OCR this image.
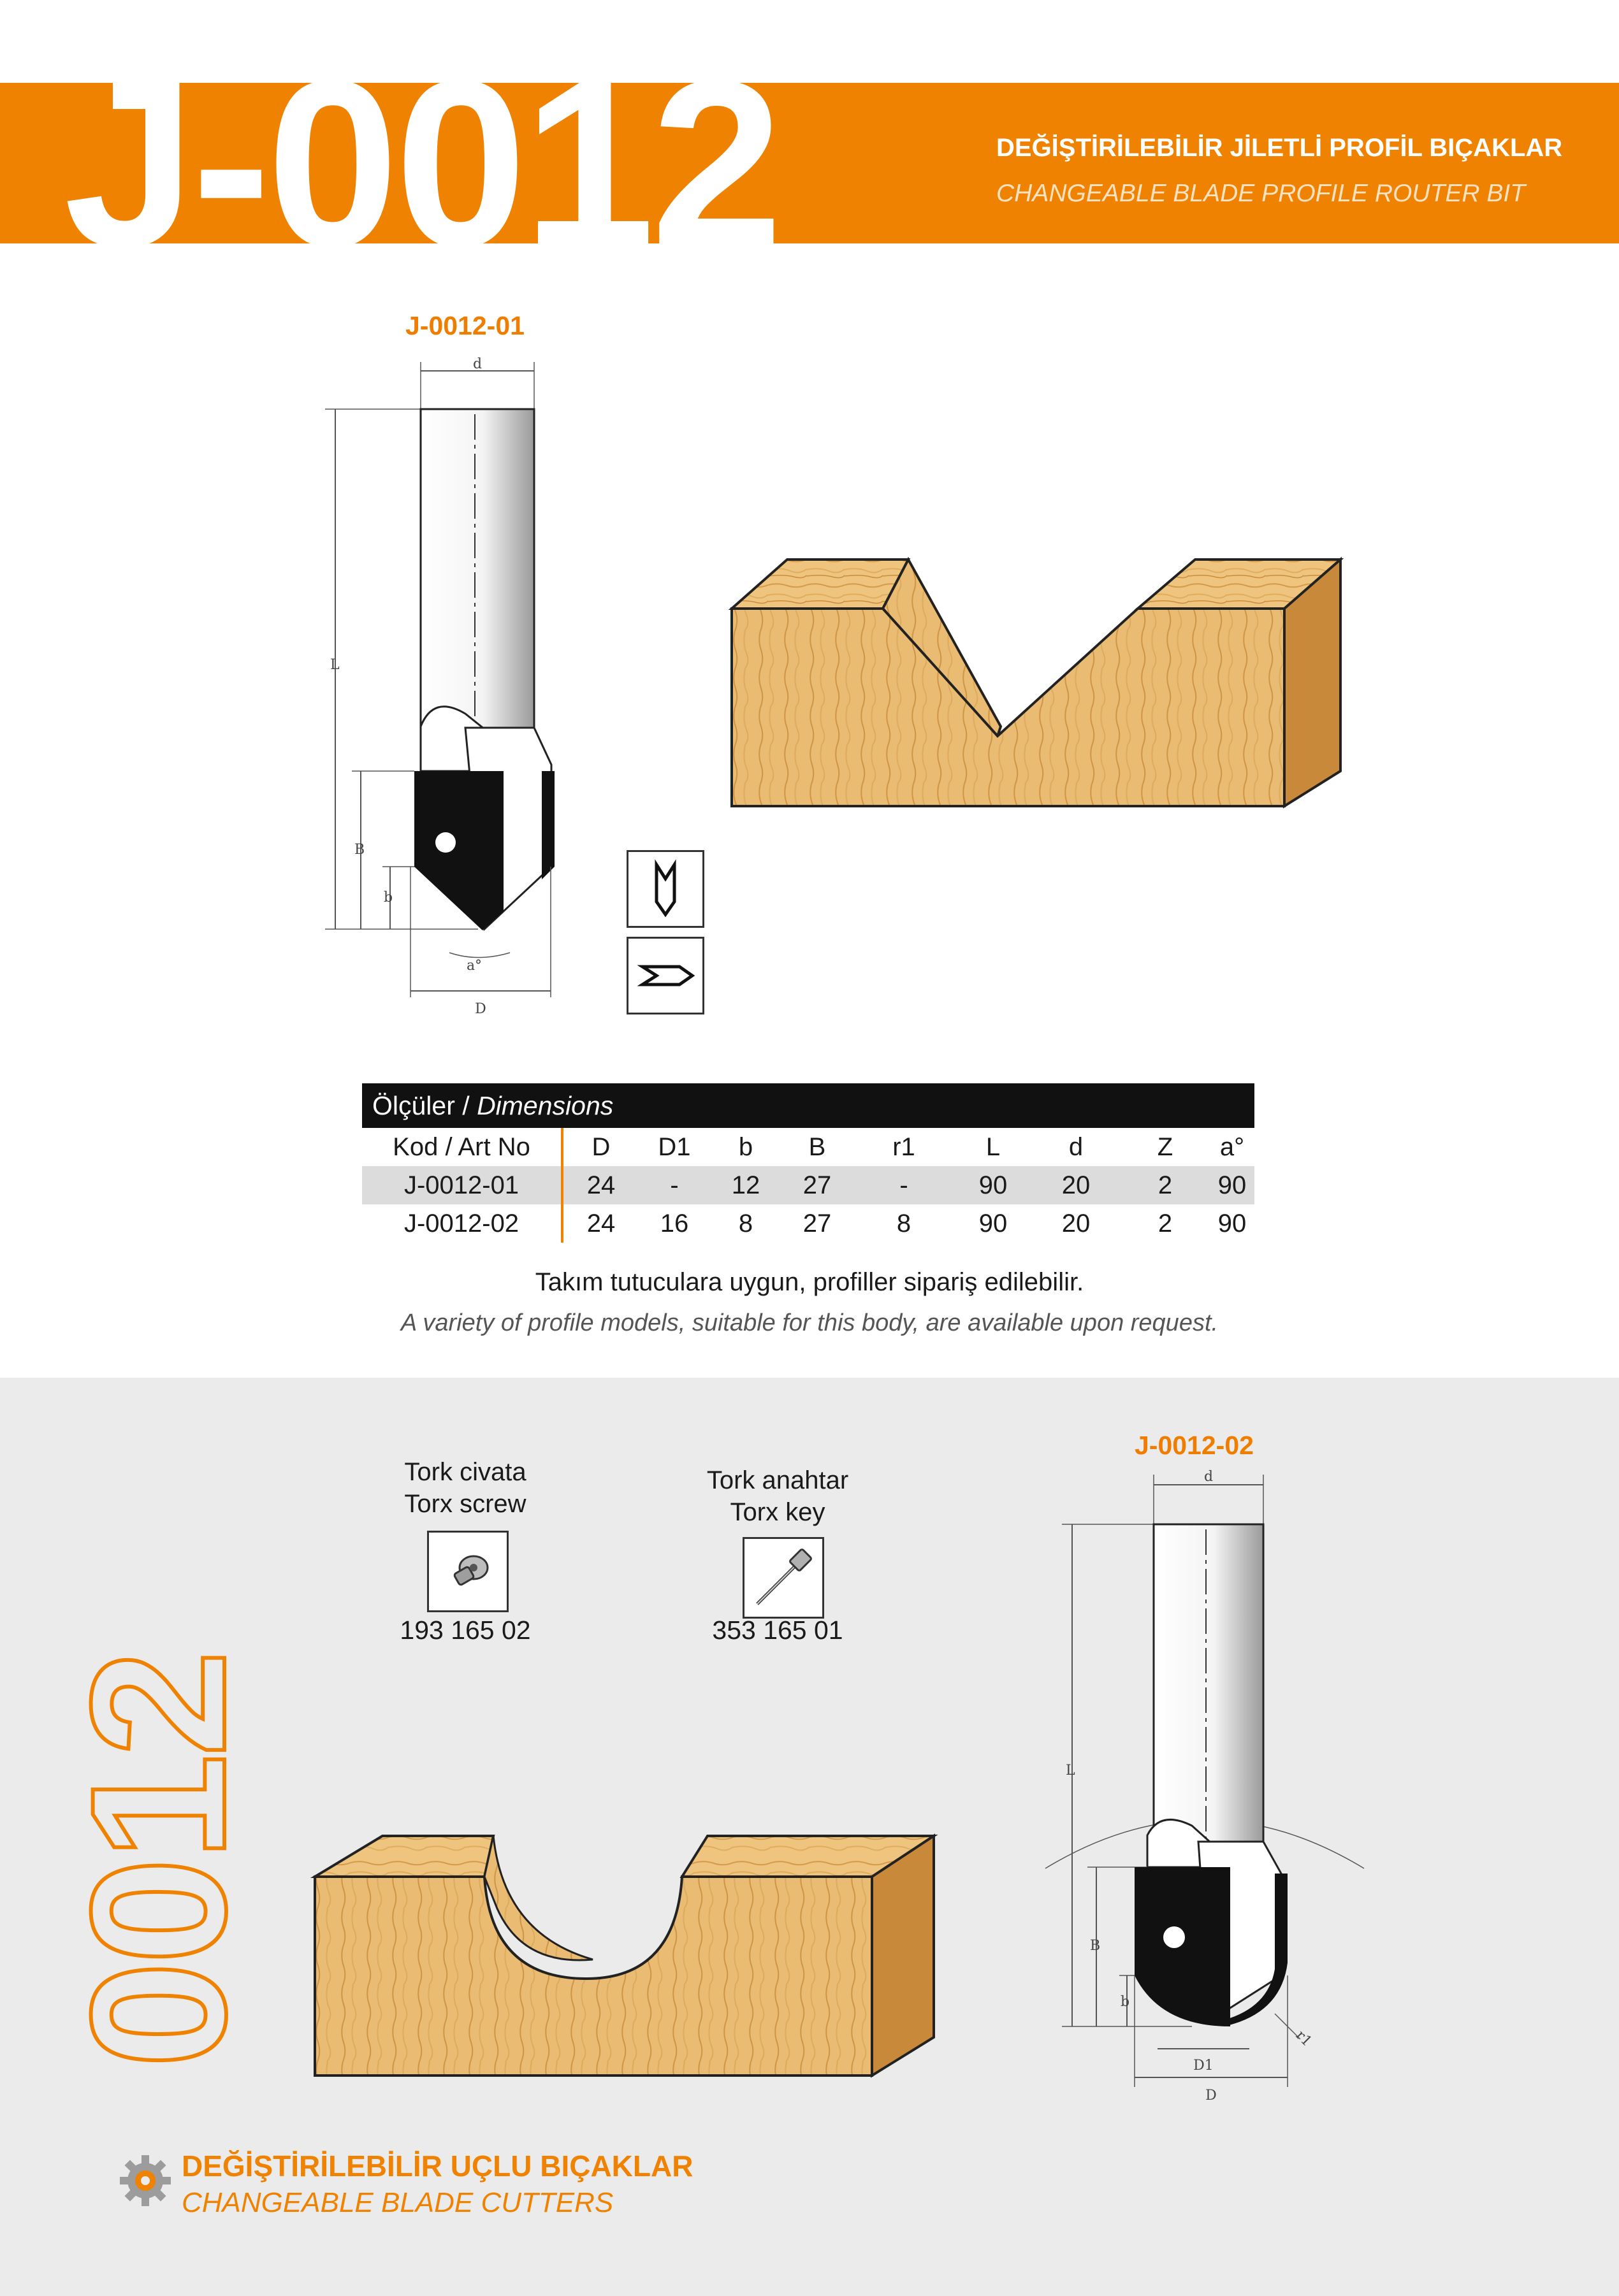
J-0012	DEĞİŞTİRİLEBİLİR JİLETLİ PROFİL BIÇAKLAR
CHANGEABLE BLADE PROFILE ROUTER BIT
J-0012-01
d
L
B
b
a°
D
Ölçüler / Dimensions
Kod / Art No	D	D1	b	B	r1	L	d	Z	a°
J-0012-01	24	-	12	27	-	90	20	2	90
J-0012-02	24	16	8	27	8	90	20	2	90
Takım tutuculara uygun, profiller sipariş edilebilir.
A variety of profile models, suitable for this body, are available upon request.
0012
Tork civata
Torx screw
193 165 02
Tork anahtar
Torx key
353 165 01
J-0012-02
d
L
B
b
D1
D
r1
DEĞİŞTİRİLEBİLİR UÇLU BIÇAKLAR
CHANGEABLE BLADE CUTTERS
